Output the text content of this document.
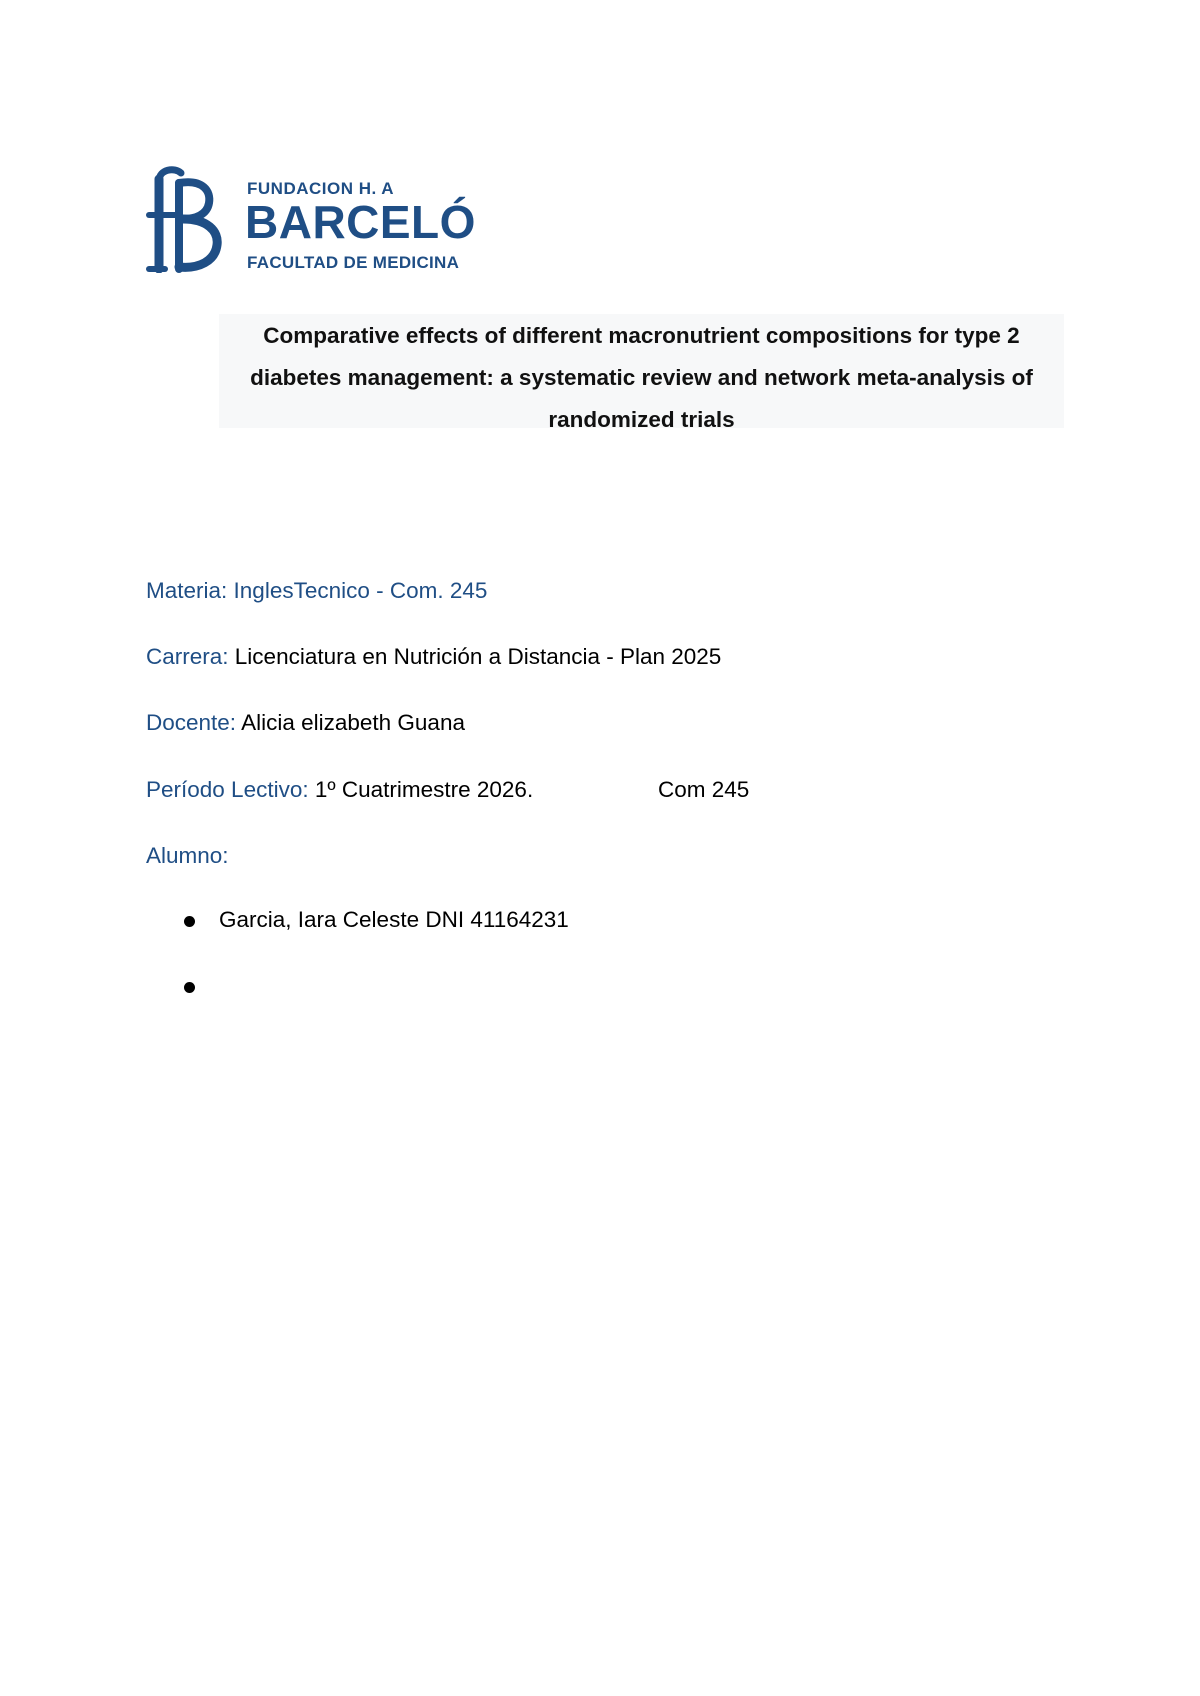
FUNDACION H. A
BARCELÓ
FACULTAD DE MEDICINA

Comparative effects of different macronutrient compositions for type 2 diabetes management: a systematic review and network meta-analysis of randomized trials

Materia: InglesTecnico - Com. 245
Carrera: Licenciatura en Nutrición a Distancia - Plan 2025
Docente: Alicia elizabeth Guana
Período Lectivo: 1º Cuatrimestre 2026.	Com 245
Alumno:
Garcia, Iara Celeste DNI 41164231
